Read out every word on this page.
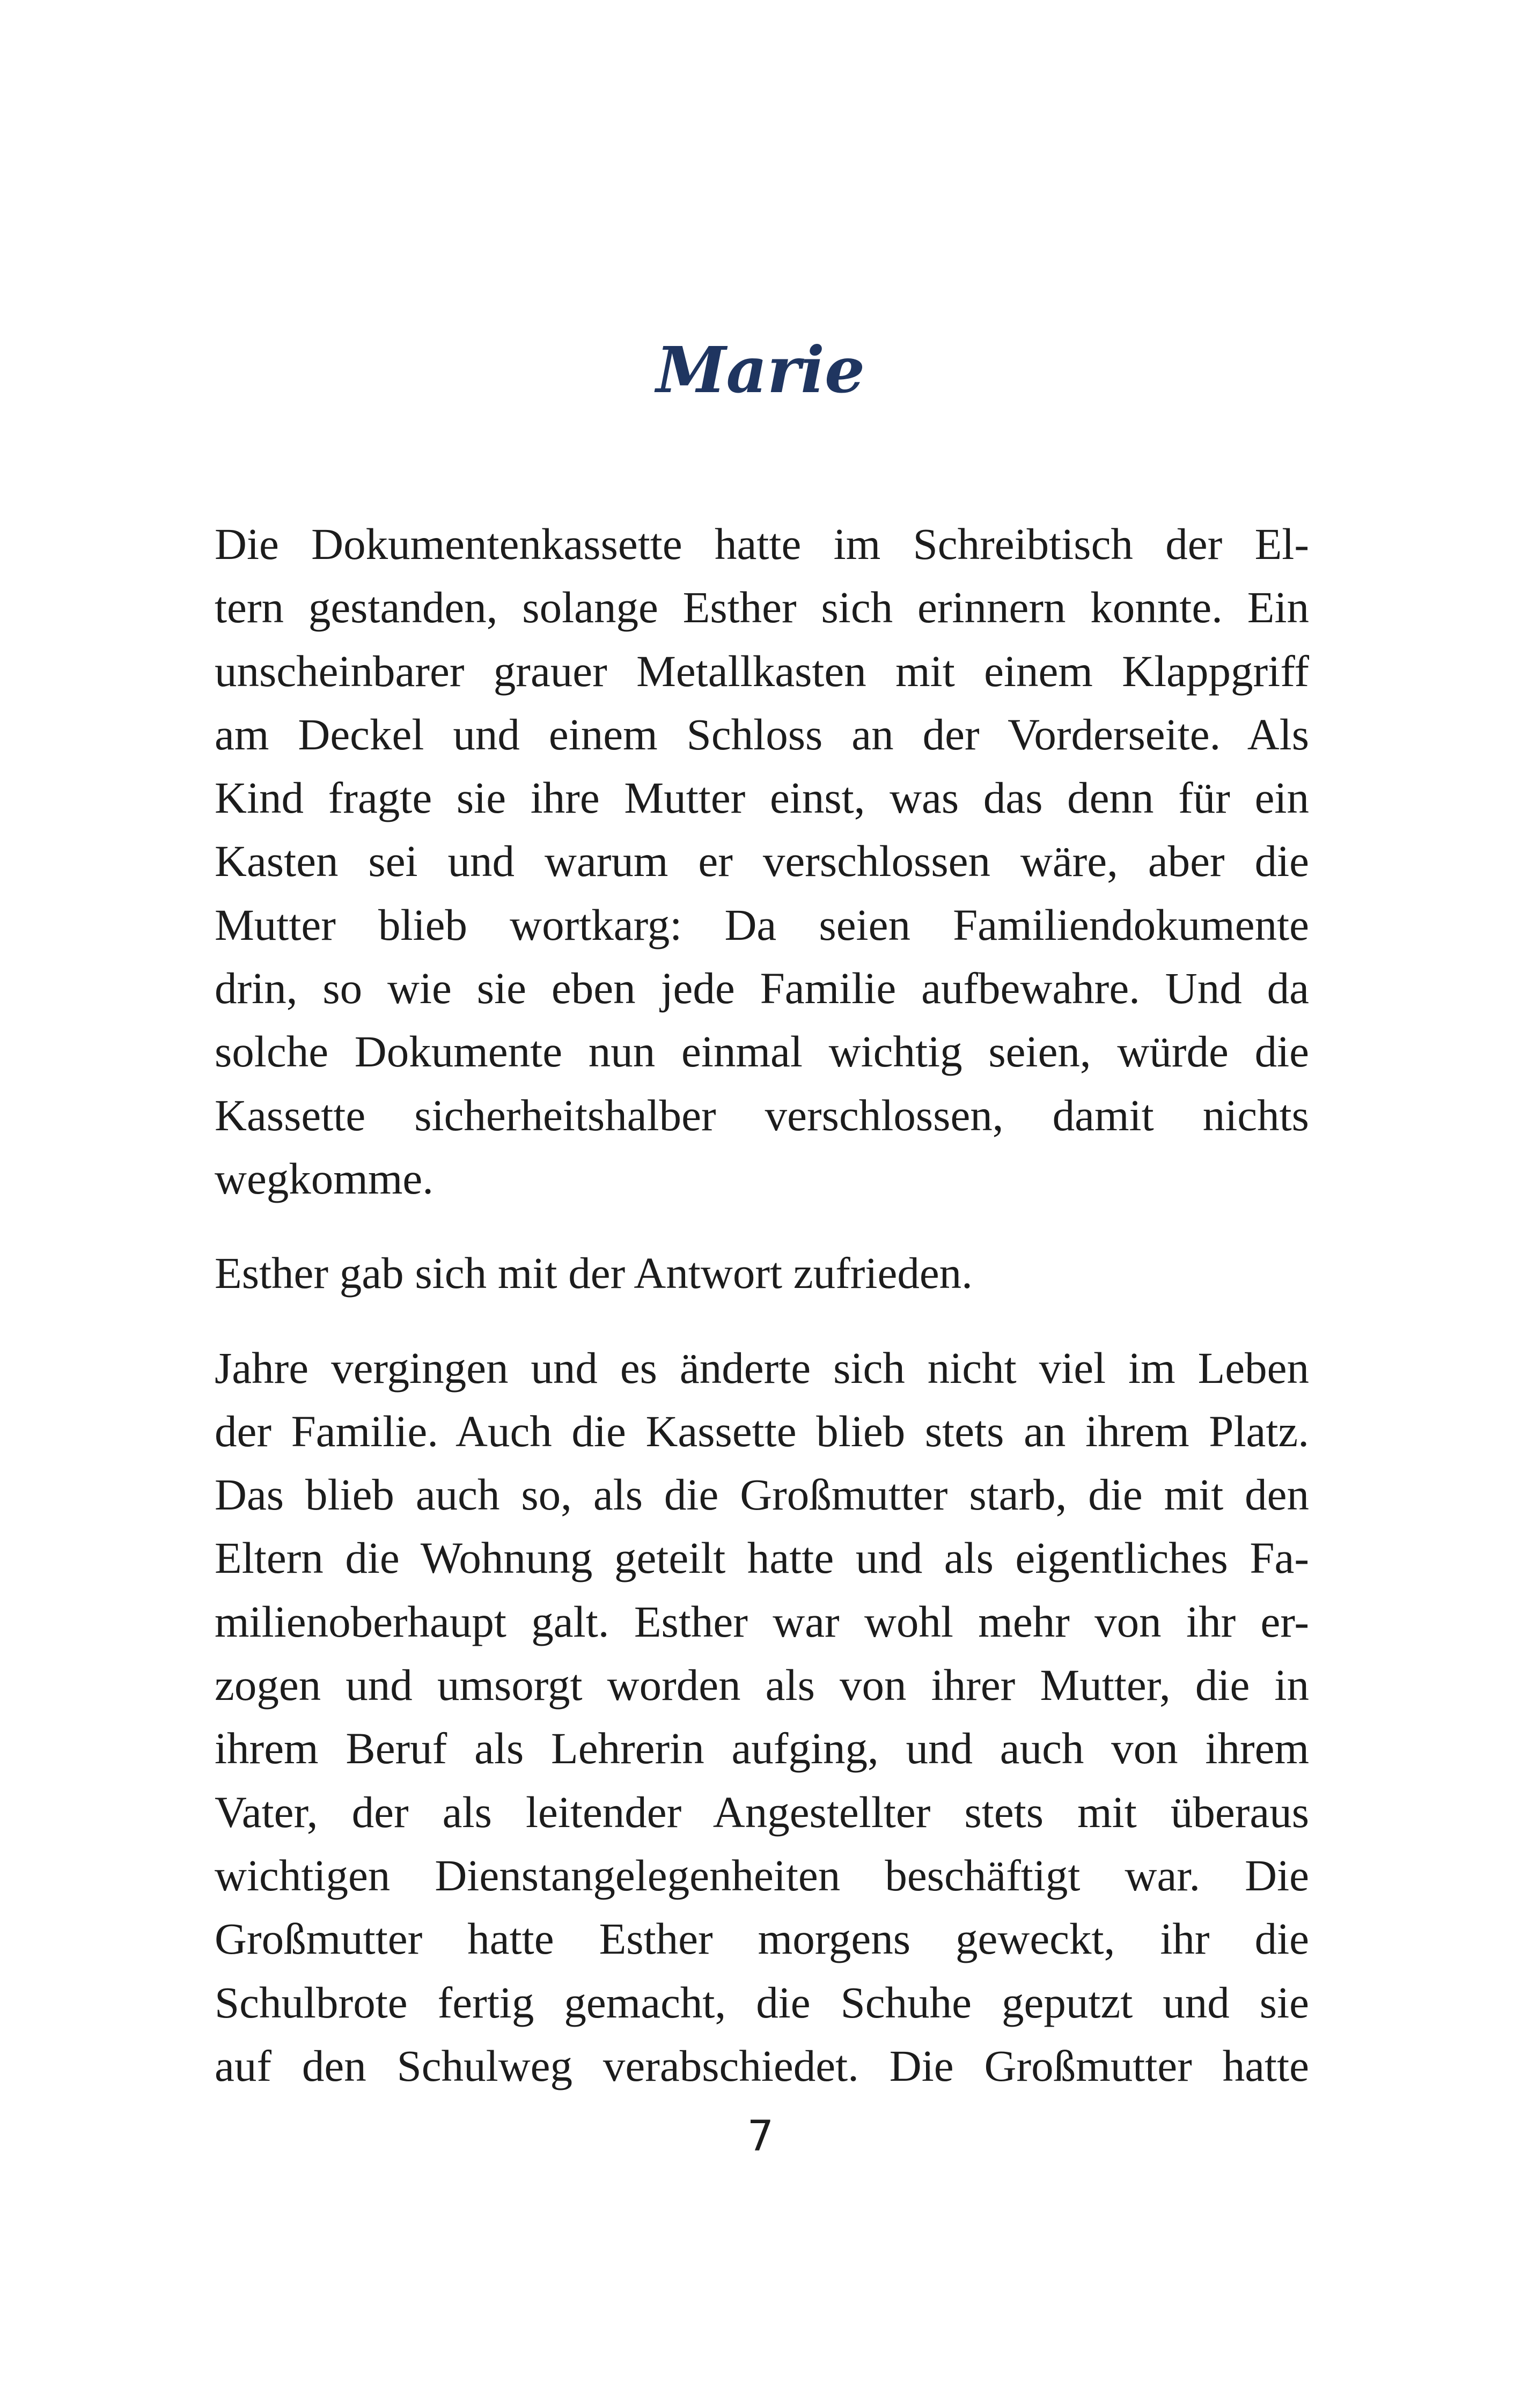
Marie

Die Dokumentenkassette hatte im Schreibtisch der El-
tern gestanden, solange Esther sich erinnern konnte. Ein
unscheinbarer grauer Metallkasten mit einem Klappgriff
am Deckel und einem Schloss an der Vorderseite. Als
Kind fragte sie ihre Mutter einst, was das denn für ein
Kasten sei und warum er verschlossen wäre, aber die
Mutter blieb wortkarg: Da seien Familiendokumente
drin, so wie sie eben jede Familie aufbewahre. Und da
solche Dokumente nun einmal wichtig seien, würde die
Kassette sicherheitshalber verschlossen, damit nichts
wegkomme.

Esther gab sich mit der Antwort zufrieden.

Jahre vergingen und es änderte sich nicht viel im Leben
der Familie. Auch die Kassette blieb stets an ihrem Platz.
Das blieb auch so, als die Großmutter starb, die mit den
Eltern die Wohnung geteilt hatte und als eigentliches Fa-
milienoberhaupt galt. Esther war wohl mehr von ihr er-
zogen und umsorgt worden als von ihrer Mutter, die in
ihrem Beruf als Lehrerin aufging, und auch von ihrem
Vater, der als leitender Angestellter stets mit überaus
wichtigen Dienstangelegenheiten beschäftigt war. Die
Großmutter hatte Esther morgens geweckt, ihr die
Schulbrote fertig gemacht, die Schuhe geputzt und sie
auf den Schulweg verabschiedet. Die Großmutter hatte

7
